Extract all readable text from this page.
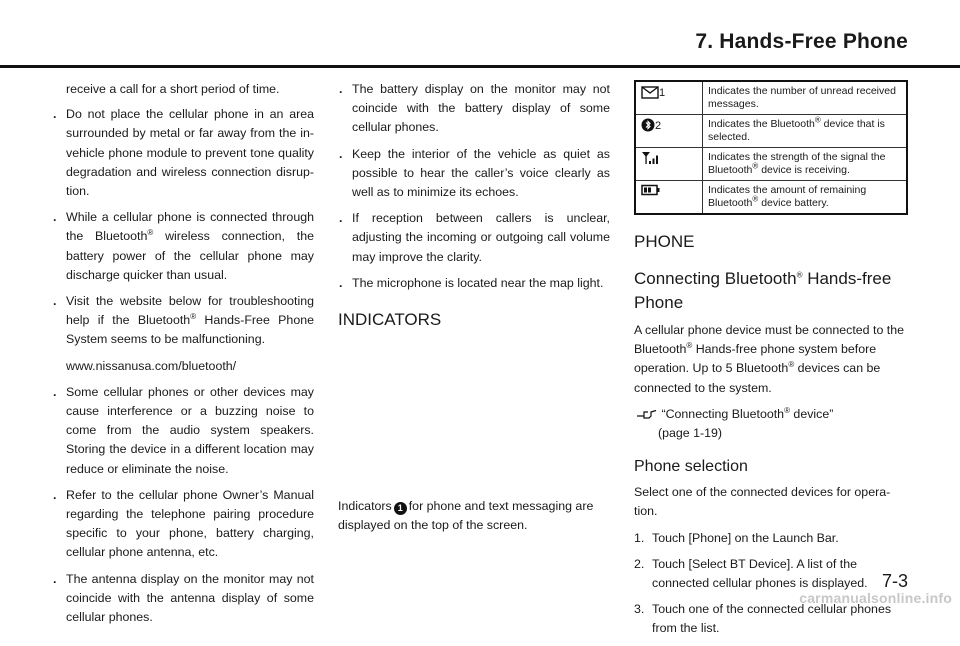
7. Hands-Free Phone

receive a call for a short period of time.

. Do not place the cellular phone in an area surrounded by metal or far away from the in-vehicle phone module to prevent tone quality degradation and wireless connection disrup-tion.
. While a cellular phone is connected through the Bluetooth® wireless connection, the battery power of the cellular phone may discharge quicker than usual.
. Visit the website below for troubleshooting help if the Bluetooth® Hands-Free Phone System seems to be malfunctioning.

www.nissanusa.com/bluetooth/

. Some cellular phones or other devices may cause interference or a buzzing noise to come from the audio system speakers. Storing the device in a different location may reduce or eliminate the noise.
. Refer to the cellular phone Owner’s Manual regarding the telephone pairing procedure specific to your phone, battery charging, cellular phone antenna, etc.
. The antenna display on the monitor may not coincide with the antenna display of some cellular phones.
. The battery display on the monitor may not coincide with the battery display of some cellular phones.
. Keep the interior of the vehicle as quiet as possible to hear the caller’s voice clearly as well as to minimize its echoes.
. If reception between callers is unclear, adjusting the incoming or outgoing call volume may improve the clarity.
. The microphone is located near the map light.
INDICATORS

Indicators 1 for phone and text messaging are displayed on the top of the screen.

1	Indicates the number of unread received messages.
2	Indicates the Bluetooth® device that is selected.
	Indicates the strength of the signal the Bluetooth® device is receiving.
	Indicates the amount of remaining Bluetooth® device battery.
PHONE
Connecting Bluetooth® Hands-free Phone

A cellular phone device must be connected to the Bluetooth® Hands-free phone system before operation. Up to 5 Bluetooth® devices can be connected to the system.

“Connecting Bluetooth® device”
(page 1-19)
Phone selection

Select one of the connected devices for opera-tion.

1. Touch [Phone] on the Launch Bar.
2. Touch [Select BT Device]. A list of the connected cellular phones is displayed.
3. Touch one of the connected cellular phones from the list.
7-3
carmanualsonline.info
